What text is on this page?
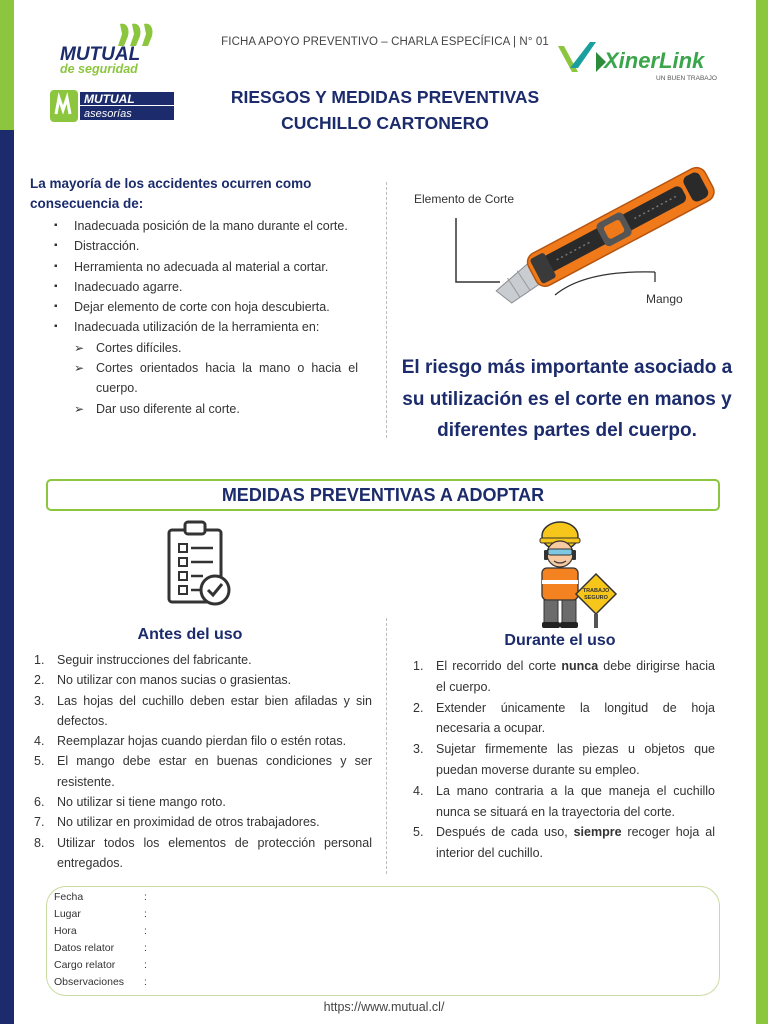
MUTUAL
de seguridad
MUTUAL
asesorías
XinerLink
UN BUEN TRABAJO
FICHA APOYO PREVENTIVO – CHARLA ESPECÍFICA | N° 01
RIESGOS Y MEDIDAS PREVENTIVAS
CUCHILLO CARTONERO
La mayoría de los accidentes ocurren como consecuencia de:
▪ Inadecuada posición de la mano durante el corte.
▪ Distracción.
▪ Herramienta no adecuada al material a cortar.
▪ Inadecuado agarre.
▪ Dejar elemento de corte con hoja descubierta.
▪ Inadecuada utilización de la herramienta en:
➢ Cortes difíciles.
➢ Cortes orientados hacia la mano o hacia el cuerpo.
➢ Dar uso diferente al corte.
Elemento de Corte
Mango
El riesgo más importante asociado a su utilización es el corte en manos y diferentes partes del cuerpo.
MEDIDAS PREVENTIVAS A ADOPTAR
TRABAJO
SEGURO
Antes del uso	Durante el uso
1. Seguir instrucciones del fabricante.
2. No utilizar con manos sucias o grasientas.
3. Las hojas del cuchillo deben estar bien afiladas y sin defectos.
4. Reemplazar hojas cuando pierdan filo o estén rotas.
5. El mango debe estar en buenas condiciones y ser resistente.
6. No utilizar si tiene mango roto.
7. No utilizar en proximidad de otros trabajadores.
8. Utilizar todos los elementos de protección personal entregados.
1. El recorrido del corte nunca debe dirigirse hacia el cuerpo.
2. Extender únicamente la longitud de hoja necesaria a ocupar.
3. Sujetar firmemente las piezas u objetos que puedan moverse durante su empleo.
4. La mano contraria a la que maneja el cuchillo nunca se situará en la trayectoria del corte.
5. Después de cada uso, siempre recoger hoja al interior del cuchillo.
Fecha	:
Lugar	:
Hora	:
Datos relator	:
Cargo relator	:
Observaciones :
https://www.mutual.cl/
